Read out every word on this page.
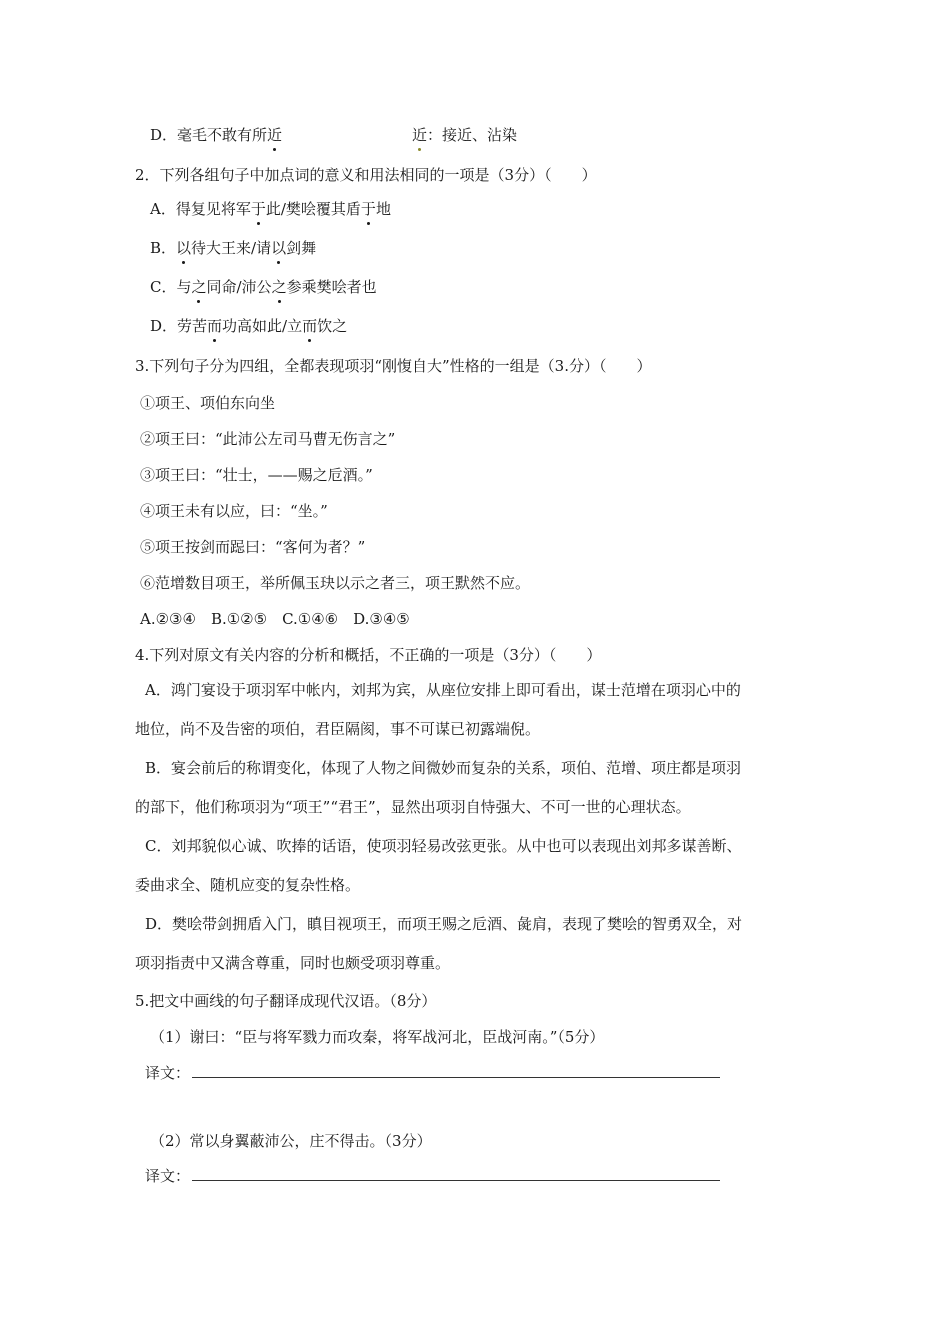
D．毫毛不敢有所近	近：接近、沾染
2．下列各组句子中加点词的意义和用法相同的一项是（3分）（　　）
A．得复见将军于此/樊哙覆其盾于地
B．以待大王来/请以剑舞
C．与之同命/沛公之参乘樊哙者也
D．劳苦而功高如此/立而饮之
3.下列句子分为四组，全都表现项羽“刚愎自大”性格的一组是（3.分）（　　）
①项王、项伯东向坐
②项王曰：“此沛公左司马曹无伤言之”
③项王曰：“壮士，——赐之卮酒。”
④项王未有以应，曰：“坐。”
⑤项王按剑而跽曰：“客何为者？”
⑥范增数目项王，举所佩玉玦以示之者三，项王默然不应。
A.②③④　B.①②⑤　C.①④⑥　D.③④⑤
4.下列对原文有关内容的分析和概括，不正确的一项是（3分）（　　）
A．鸿门宴设于项羽军中帐内，刘邦为宾，从座位安排上即可看出，谋士范增在项羽心中的
地位，尚不及告密的项伯，君臣隔阂，事不可谋已初露端倪。
B．宴会前后的称谓变化，体现了人物之间微妙而复杂的关系，项伯、范增、项庄都是项羽
的部下，他们称项羽为“项王”“君王”，显然出项羽自恃强大、不可一世的心理状态。
C．刘邦貌似心诚、吹捧的话语，使项羽轻易改弦更张。从中也可以表现出刘邦多谋善断、
委曲求全、随机应变的复杂性格。
D．樊哙带剑拥盾入门，瞋目视项王，而项王赐之卮酒、彘肩，表现了樊哙的智勇双全，对
项羽指责中又满含尊重，同时也颇受项羽尊重。
5.把文中画线的句子翻译成现代汉语。（8分）
（1）谢曰：“臣与将军戮力而攻秦，将军战河北，臣战河南。”（5分）
译文：
（2）常以身翼蔽沛公，庄不得击。（3分）
译文：
